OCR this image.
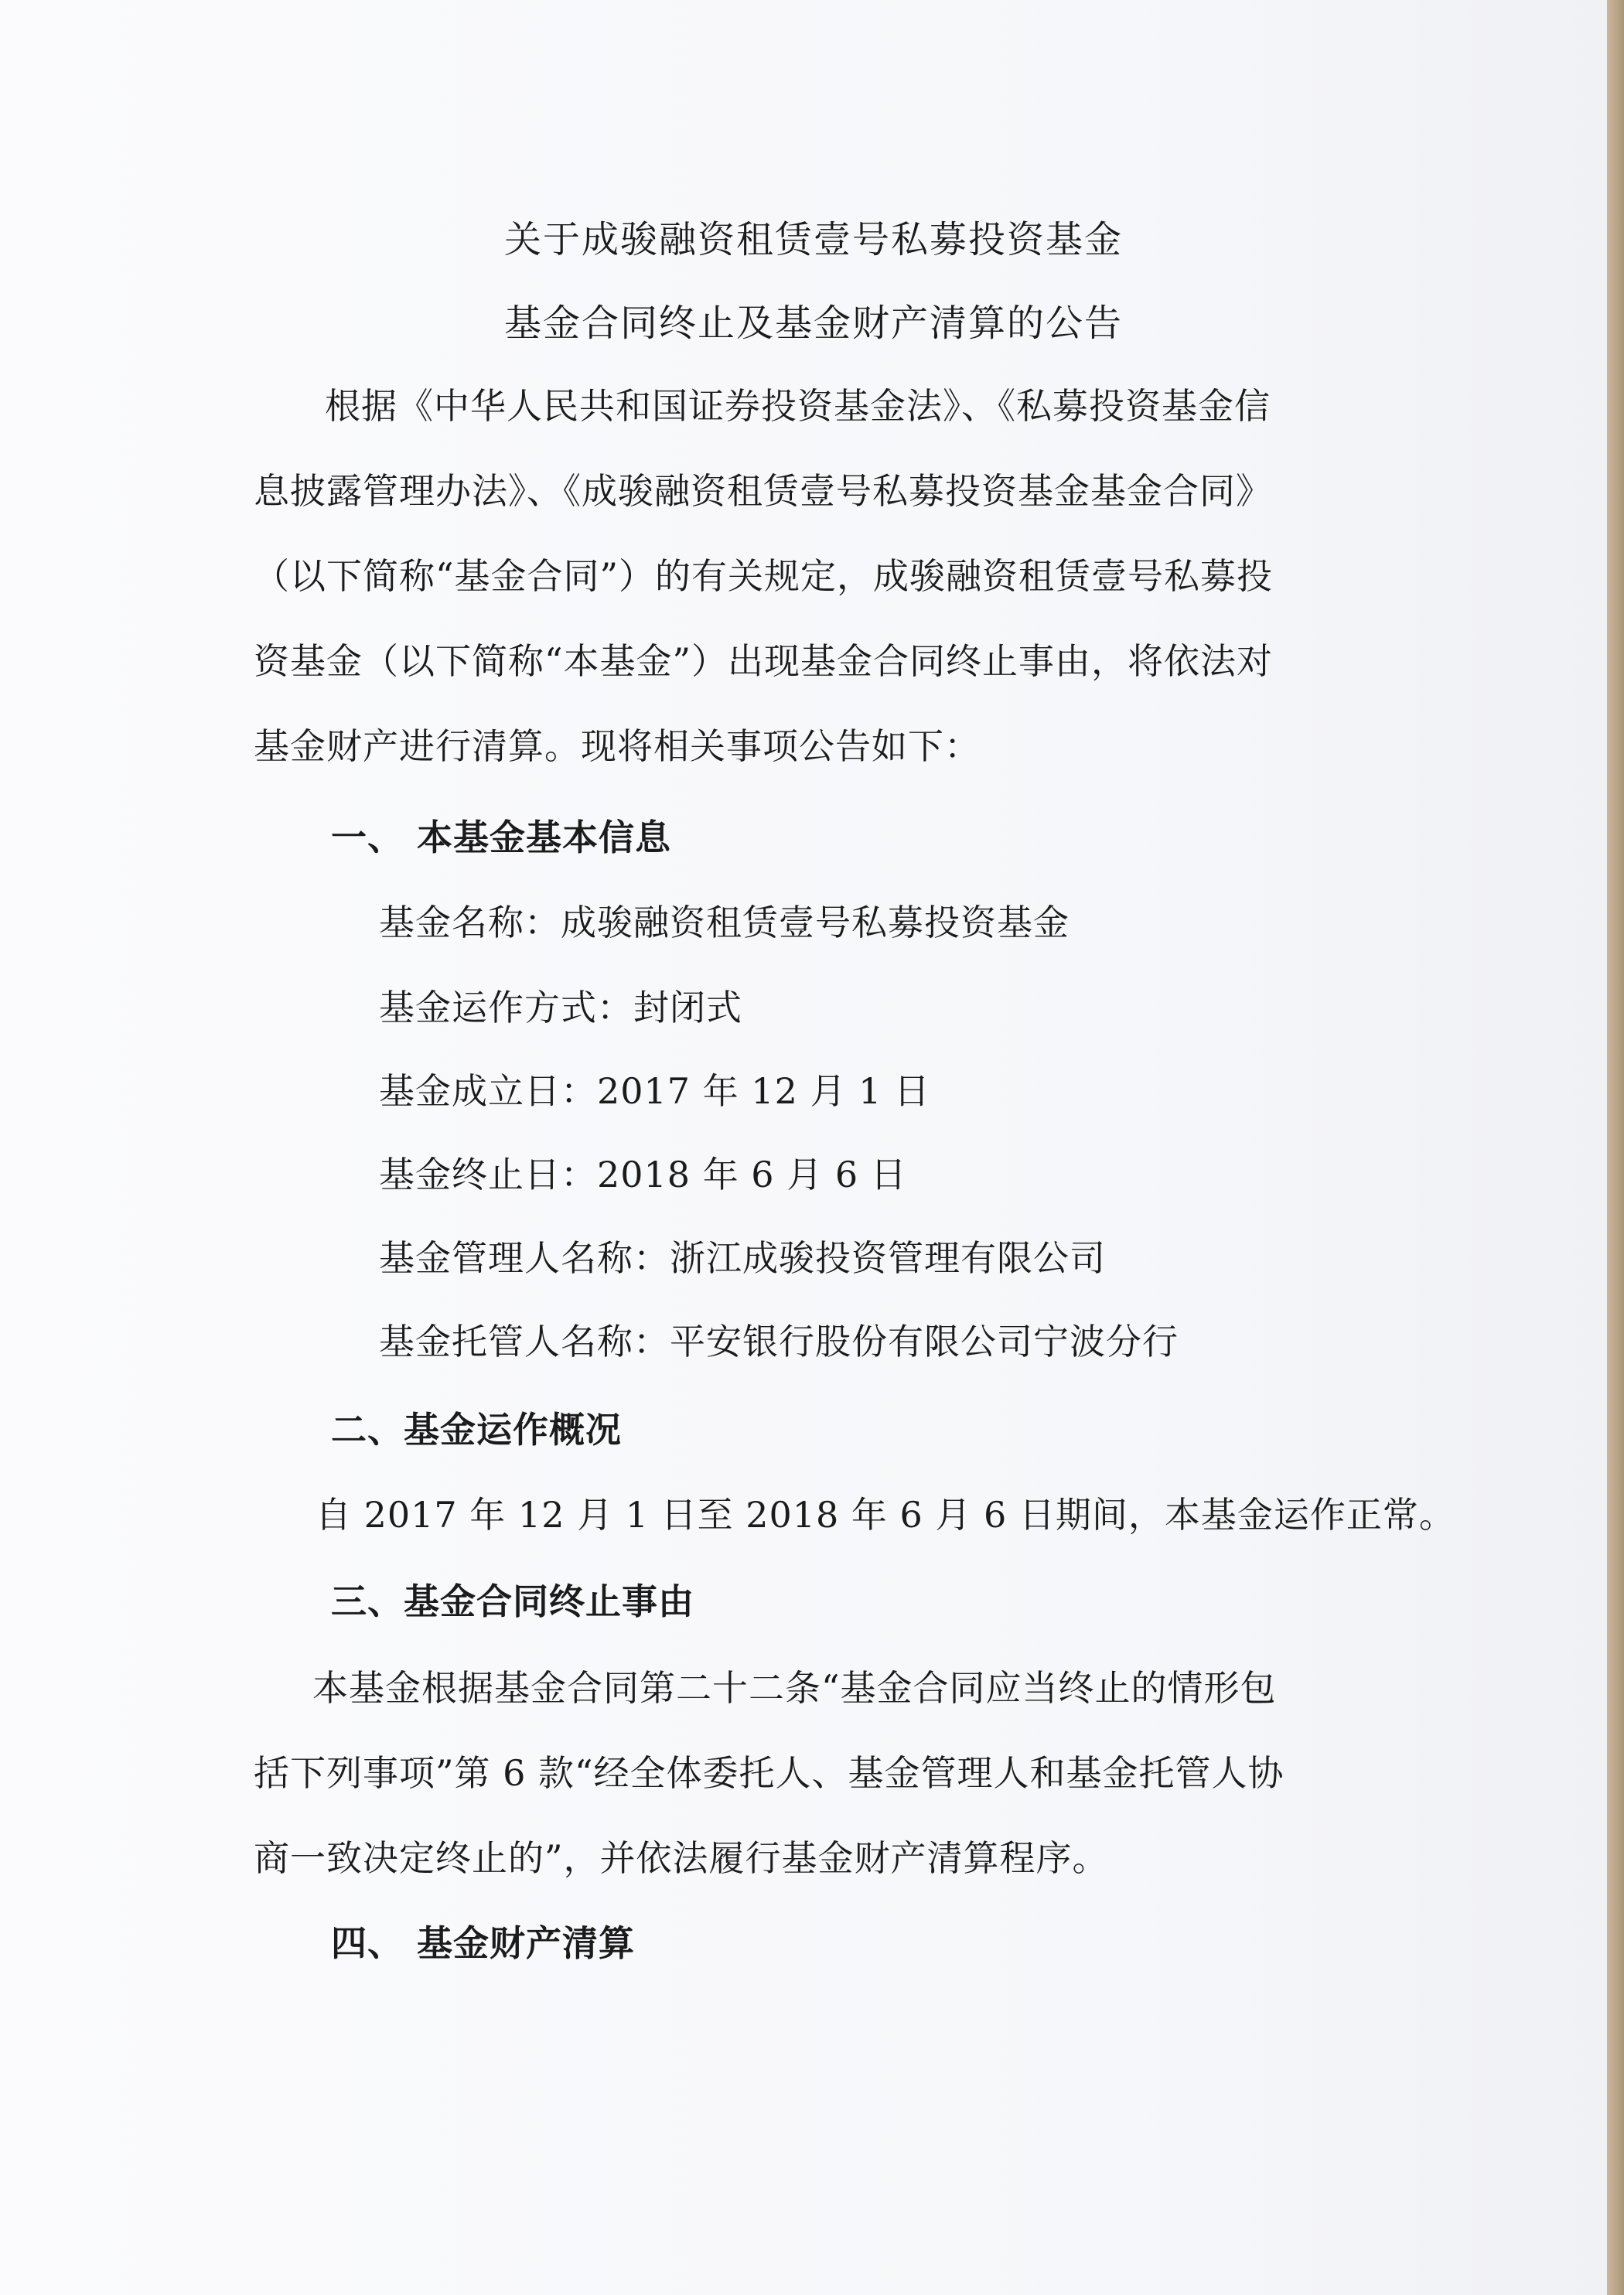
关于成骏融资租赁壹号私募投资基金
基金合同终止及基金财产清算的公告
根据《中华人民共和国证券投资基金法》、《私募投资基金信
息披露管理办法》、《成骏融资租赁壹号私募投资基金基金合同》
（以下简称“基金合同”）的有关规定，成骏融资租赁壹号私募投
资基金（以下简称“本基金”）出现基金合同终止事由，将依法对
基金财产进行清算。现将相关事项公告如下：
一、 本基金基本信息
基金名称：成骏融资租赁壹号私募投资基金
基金运作方式：封闭式
基金成立日：2017 年 12 月 1 日
基金终止日：2018 年 6 月 6 日
基金管理人名称：浙江成骏投资管理有限公司
基金托管人名称：平安银行股份有限公司宁波分行
二、基金运作概况
自 2017 年 12 月 1 日至 2018 年 6 月 6 日期间，本基金运作正常。
三、基金合同终止事由
本基金根据基金合同第二十二条“基金合同应当终止的情形包
括下列事项”第 6 款“经全体委托人、基金管理人和基金托管人协
商一致决定终止的”，并依法履行基金财产清算程序。
四、 基金财产清算
